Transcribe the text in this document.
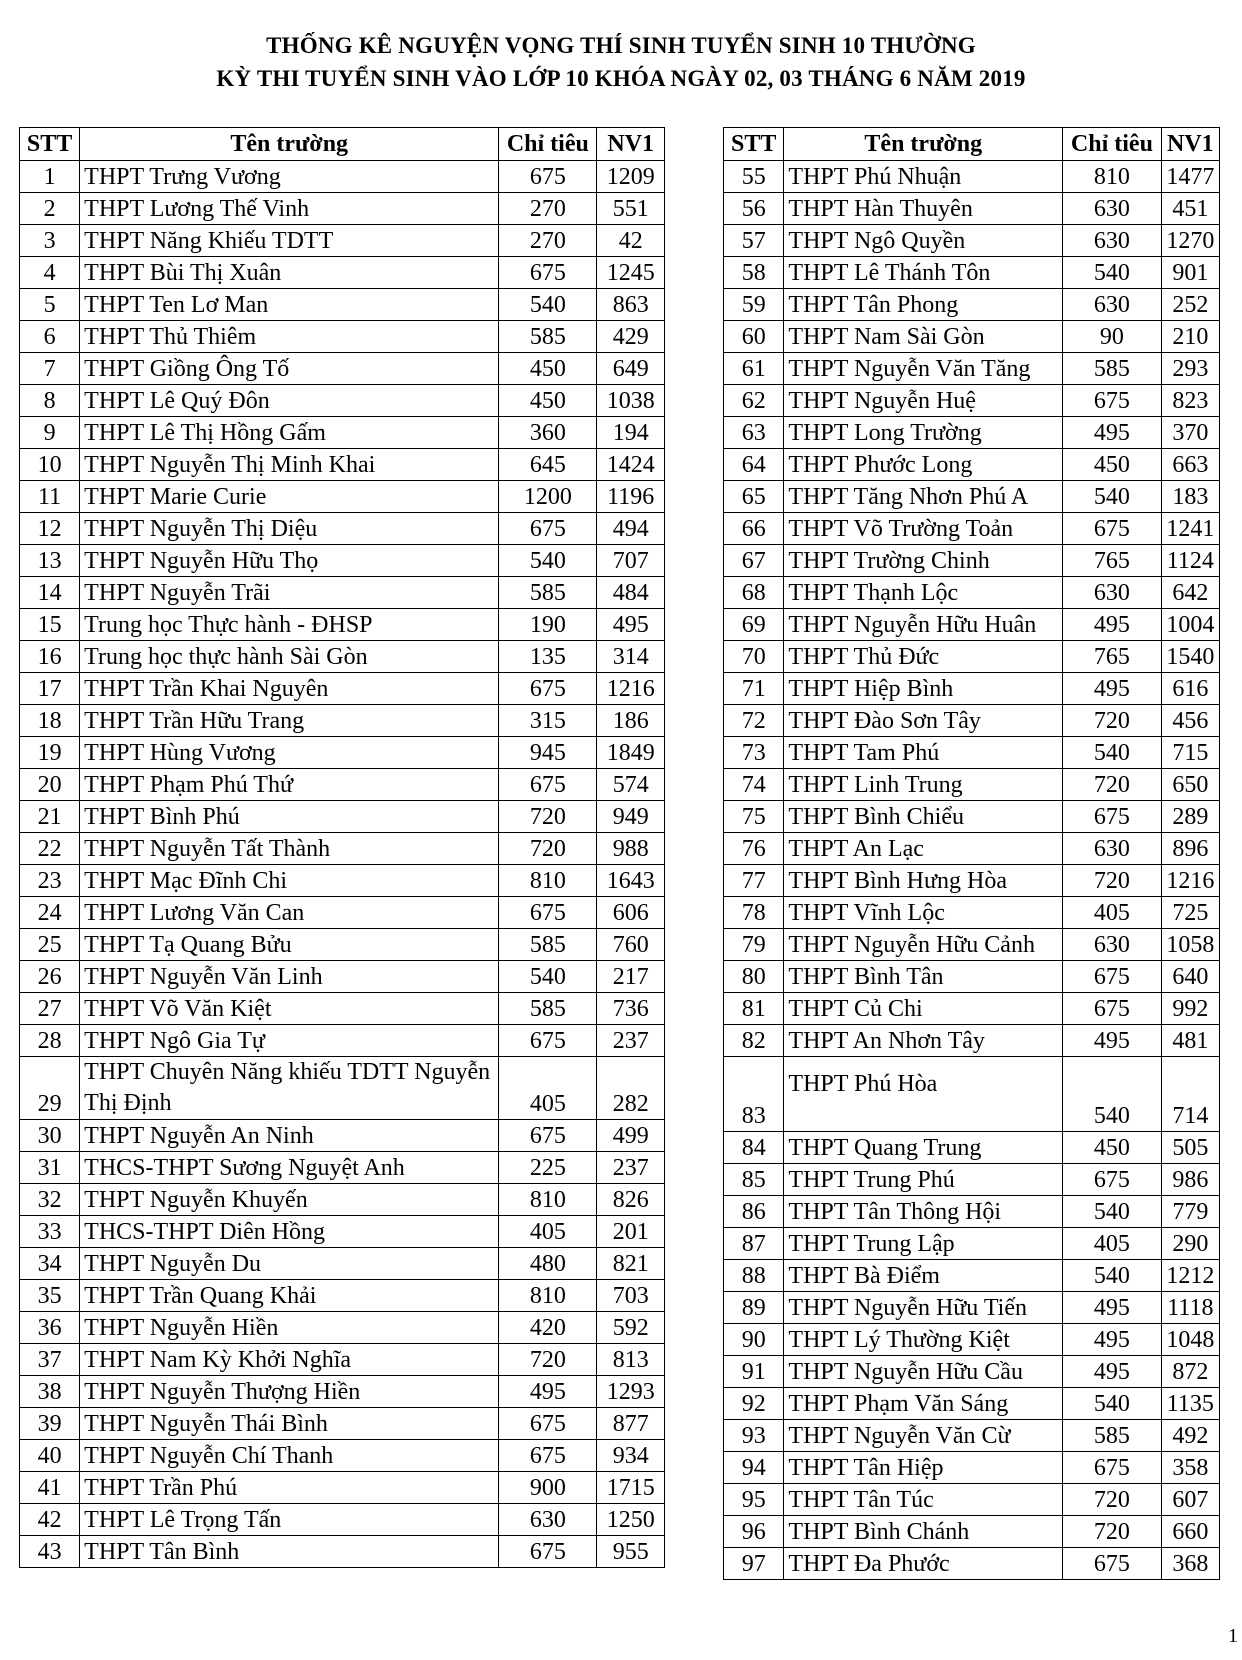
THỐNG KÊ NGUYỆN VỌNG THÍ SINH TUYỂN SINH 10 THƯỜNG
KỲ THI TUYỂN SINH VÀO LỚP 10 KHÓA NGÀY 02, 03 THÁNG 6 NĂM 2019
STT	Tên trường	Chỉ tiêu	NV1
1	THPT Trưng Vương	675	1209
2	THPT Lương Thế Vinh	270	551
3	THPT Năng Khiếu TDTT	270	42
4	THPT Bùi Thị Xuân	675	1245
5	THPT Ten Lơ Man	540	863
6	THPT Thủ Thiêm	585	429
7	THPT Giồng Ông Tố	450	649
8	THPT Lê Quý Đôn	450	1038
9	THPT Lê Thị Hồng Gấm	360	194
10	THPT Nguyễn Thị Minh Khai	645	1424
11	THPT Marie Curie	1200	1196
12	THPT Nguyễn Thị Diệu	675	494
13	THPT Nguyễn Hữu Thọ	540	707
14	THPT Nguyễn Trãi	585	484
15	Trung học Thực hành - ĐHSP	190	495
16	Trung học thực hành Sài Gòn	135	314
17	THPT Trần Khai Nguyên	675	1216
18	THPT Trần Hữu Trang	315	186
19	THPT Hùng Vương	945	1849
20	THPT Phạm Phú Thứ	675	574
21	THPT Bình Phú	720	949
22	THPT Nguyễn Tất Thành	720	988
23	THPT Mạc Đĩnh Chi	810	1643
24	THPT Lương Văn Can	675	606
25	THPT Tạ Quang Bửu	585	760
26	THPT Nguyễn Văn Linh	540	217
27	THPT Võ Văn Kiệt	585	736
28	THPT Ngô Gia Tự	675	237
29	THPT Chuyên Năng khiếu TDTT Nguyễn Thị Định	405	282
30	THPT Nguyễn An Ninh	675	499
31	THCS-THPT Sương Nguyệt Anh	225	237
32	THPT Nguyễn Khuyến	810	826
33	THCS-THPT Diên Hồng	405	201
34	THPT Nguyễn Du	480	821
35	THPT Trần Quang Khải	810	703
36	THPT Nguyễn Hiền	420	592
37	THPT Nam Kỳ Khởi Nghĩa	720	813
38	THPT Nguyễn Thượng Hiền	495	1293
39	THPT Nguyễn Thái Bình	675	877
40	THPT Nguyễn Chí Thanh	675	934
41	THPT Trần Phú	900	1715
42	THPT Lê Trọng Tấn	630	1250
43	THPT Tân Bình	675	955
STT	Tên trường	Chỉ tiêu	NV1
55	THPT Phú Nhuận	810	1477
56	THPT Hàn Thuyên	630	451
57	THPT Ngô Quyền	630	1270
58	THPT Lê Thánh Tôn	540	901
59	THPT Tân Phong	630	252
60	THPT Nam Sài Gòn	90	210
61	THPT Nguyễn Văn Tăng	585	293
62	THPT Nguyễn Huệ	675	823
63	THPT Long Trường	495	370
64	THPT Phước Long	450	663
65	THPT Tăng Nhơn Phú A	540	183
66	THPT Võ Trường Toản	675	1241
67	THPT Trường Chinh	765	1124
68	THPT Thạnh Lộc	630	642
69	THPT Nguyễn Hữu Huân	495	1004
70	THPT Thủ Đức	765	1540
71	THPT Hiệp Bình	495	616
72	THPT Đào Sơn Tây	720	456
73	THPT Tam Phú	540	715
74	THPT Linh Trung	720	650
75	THPT Bình Chiểu	675	289
76	THPT An Lạc	630	896
77	THPT Bình Hưng Hòa	720	1216
78	THPT Vĩnh Lộc	405	725
79	THPT Nguyễn Hữu Cảnh	630	1058
80	THPT Bình Tân	675	640
81	THPT Củ Chi	675	992
82	THPT An Nhơn Tây	495	481
83	THPT Phú Hòa	540	714
84	THPT Quang Trung	450	505
85	THPT Trung Phú	675	986
86	THPT Tân Thông Hội	540	779
87	THPT Trung Lập	405	290
88	THPT Bà Điểm	540	1212
89	THPT Nguyễn Hữu Tiến	495	1118
90	THPT Lý Thường Kiệt	495	1048
91	THPT Nguyễn Hữu Cầu	495	872
92	THPT Phạm Văn Sáng	540	1135
93	THPT Nguyễn Văn Cừ	585	492
94	THPT Tân Hiệp	675	358
95	THPT Tân Túc	720	607
96	THPT Bình Chánh	720	660
97	THPT Đa Phước	675	368
1
